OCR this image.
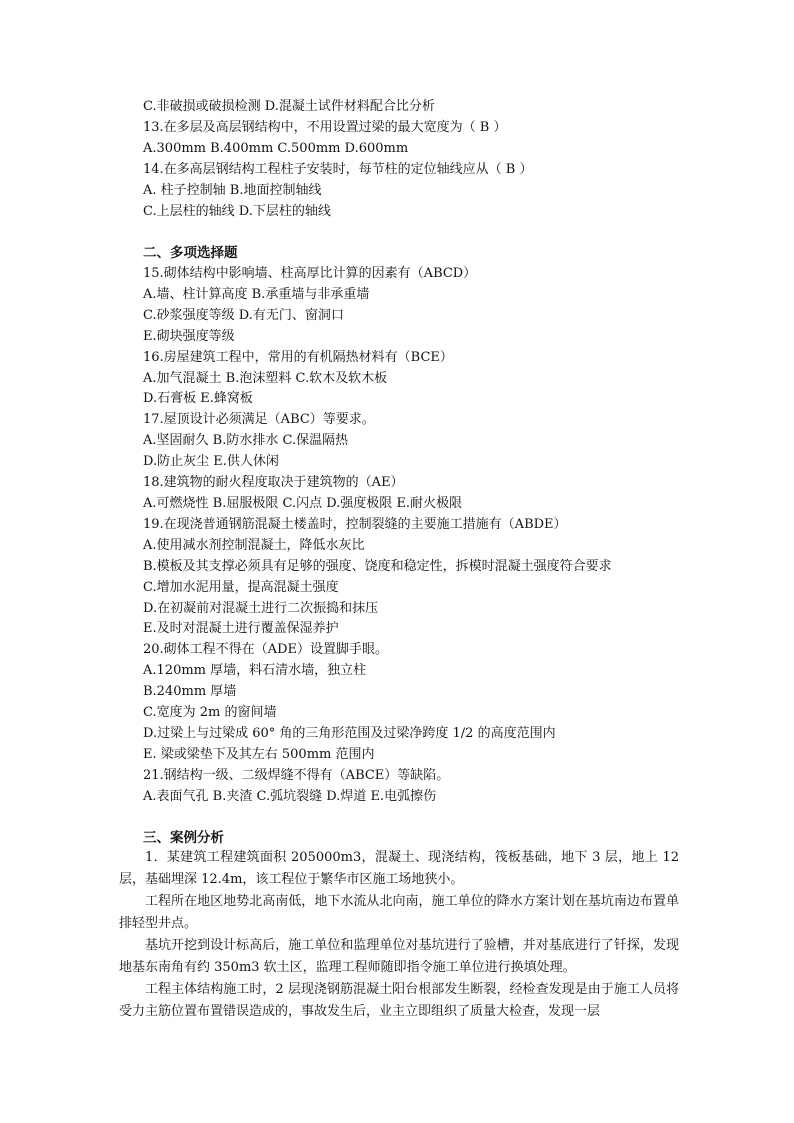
C.非破损或破损检测 D.混凝土试件材料配合比分析
13.在多层及高层钢结构中，不用设置过梁的最大宽度为（ B ）
A.300mm B.400mm C.500mm D.600mm
14.在多高层钢结构工程柱子安装时，每节柱的定位轴线应从（ B ）
A. 柱子控制轴 B.地面控制轴线
C.上层柱的轴线 D.下层柱的轴线
二、多项选择题
15.砌体结构中影响墙、柱高厚比计算的因素有（ABCD）
A.墙、柱计算高度 B.承重墙与非承重墙
C.砂浆强度等级 D.有无门、窗洞口
E.砌块强度等级
16.房屋建筑工程中，常用的有机隔热材料有（BCE）
A.加气混凝土 B.泡沫塑料 C.软木及软木板
D.石膏板 E.蜂窝板
17.屋顶设计必须满足（ABC）等要求。
A.坚固耐久 B.防水排水 C.保温隔热
D.防止灰尘 E.供人休闲
18.建筑物的耐火程度取决于建筑物的（AE）
A.可燃烧性 B.屈服极限 C.闪点 D.强度极限 E.耐火极限
19.在现浇普通钢筋混凝土楼盖时，控制裂缝的主要施工措施有（ABDE）
A.使用减水剂控制混凝土，降低水灰比
B.模板及其支撑必须具有足够的强度、饶度和稳定性，拆模时混凝土强度符合要求
C.增加水泥用量，提高混凝土强度
D.在初凝前对混凝土进行二次振捣和抹压
E.及时对混凝土进行覆盖保湿养护
20.砌体工程不得在（ADE）设置脚手眼。
A.120mm 厚墙，料石清水墙，独立柱
B.240mm 厚墙
C.宽度为 2m 的窗间墙
D.过梁上与过梁成 60° 角的三角形范围及过梁净跨度 1/2 的高度范围内
E. 梁或梁垫下及其左右 500mm 范围内
21.钢结构一级、二级焊缝不得有（ABCE）等缺陷。
A.表面气孔 B.夹渣 C.弧坑裂缝 D.焊道 E.电弧擦伤
三、案例分析
1．某建筑工程建筑面积 205000m3，混凝土、现浇结构，筏板基础，地下 3 层，地上 12 层，基础埋深 12.4m，该工程位于繁华市区施工场地狭小。
工程所在地区地势北高南低，地下水流从北向南，施工单位的降水方案计划在基坑南边布置单排轻型井点。
基坑开挖到设计标高后，施工单位和监理单位对基坑进行了验槽，并对基底进行了钎探，发现地基东南角有约 350m3 软土区，监理工程师随即指令施工单位进行换填处理。
工程主体结构施工时，2 层现浇钢筋混凝土阳台根部发生断裂，经检查发现是由于施工人员将受力主筋位置布置错误造成的，事故发生后，业主立即组织了质量大检查，发现一层
